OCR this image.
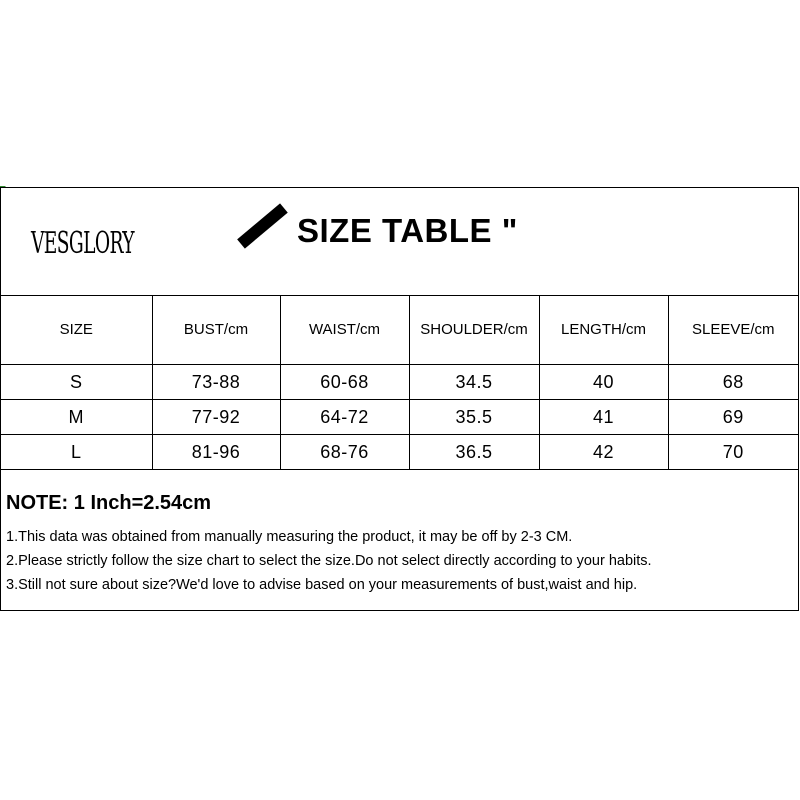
VESGLORY	SIZE TABLE "
SIZE	BUST/cm	WAIST/cm	SHOULDER/cm	LENGTH/cm	SLEEVE/cm
S	73-88	60-68	34.5	40	68
M	77-92	64-72	35.5	41	69
L	81-96	68-76	36.5	42	70
NOTE: 1 Inch=2.54cm
1.This data was obtained from manually measuring the product, it may be off by 2-3 CM.
2.Please strictly follow the size chart to select the size.Do not select directly according to your habits.
3.Still not sure about size?We'd love to advise based on your measurements of bust,waist and hip.
